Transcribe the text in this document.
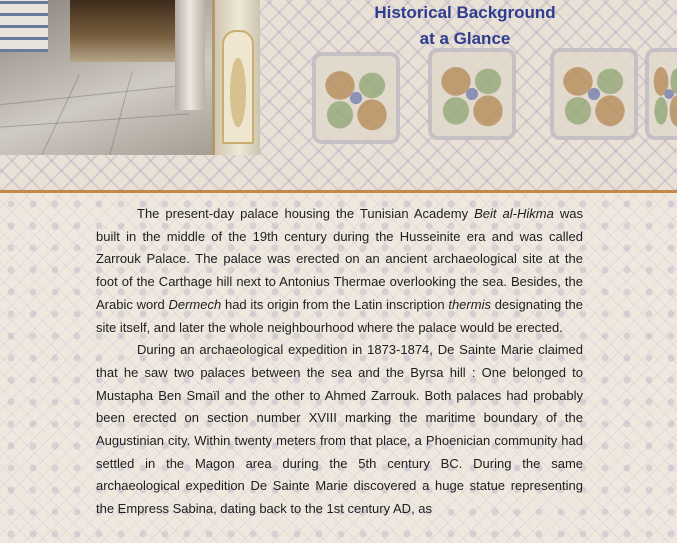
Historical Background
at a Glance

The present-day palace housing the Tunisian Academy Beit al-Hikma was built in the middle of the 19th century during the Husseinite era and was called Zarrouk Palace. The palace was erected on an ancient archaeological site at the foot of the Carthage hill next to Antonius Thermae overlooking the sea. Besides, the Arabic word Dermech had its origin from the Latin inscription thermis designating the site itself, and later the whole neighbourhood where the palace would be erected.

During an archaeological expedition in 1873-1874, De Sainte Marie claimed that he saw two palaces between the sea and the Byrsa hill : One belonged to Mustapha Ben Smaïl and the other to Ahmed Zarrouk. Both palaces had probably been erected on section number XVIII marking the maritime boundary of the Augustinian city. Within twenty meters from that place, a Phoenician community had settled in the Magon area during the 5th century BC. During the same archaeological expedition De Sainte Marie discovered a huge statue representing the Empress Sabina, dating back to the 1st century AD, as
